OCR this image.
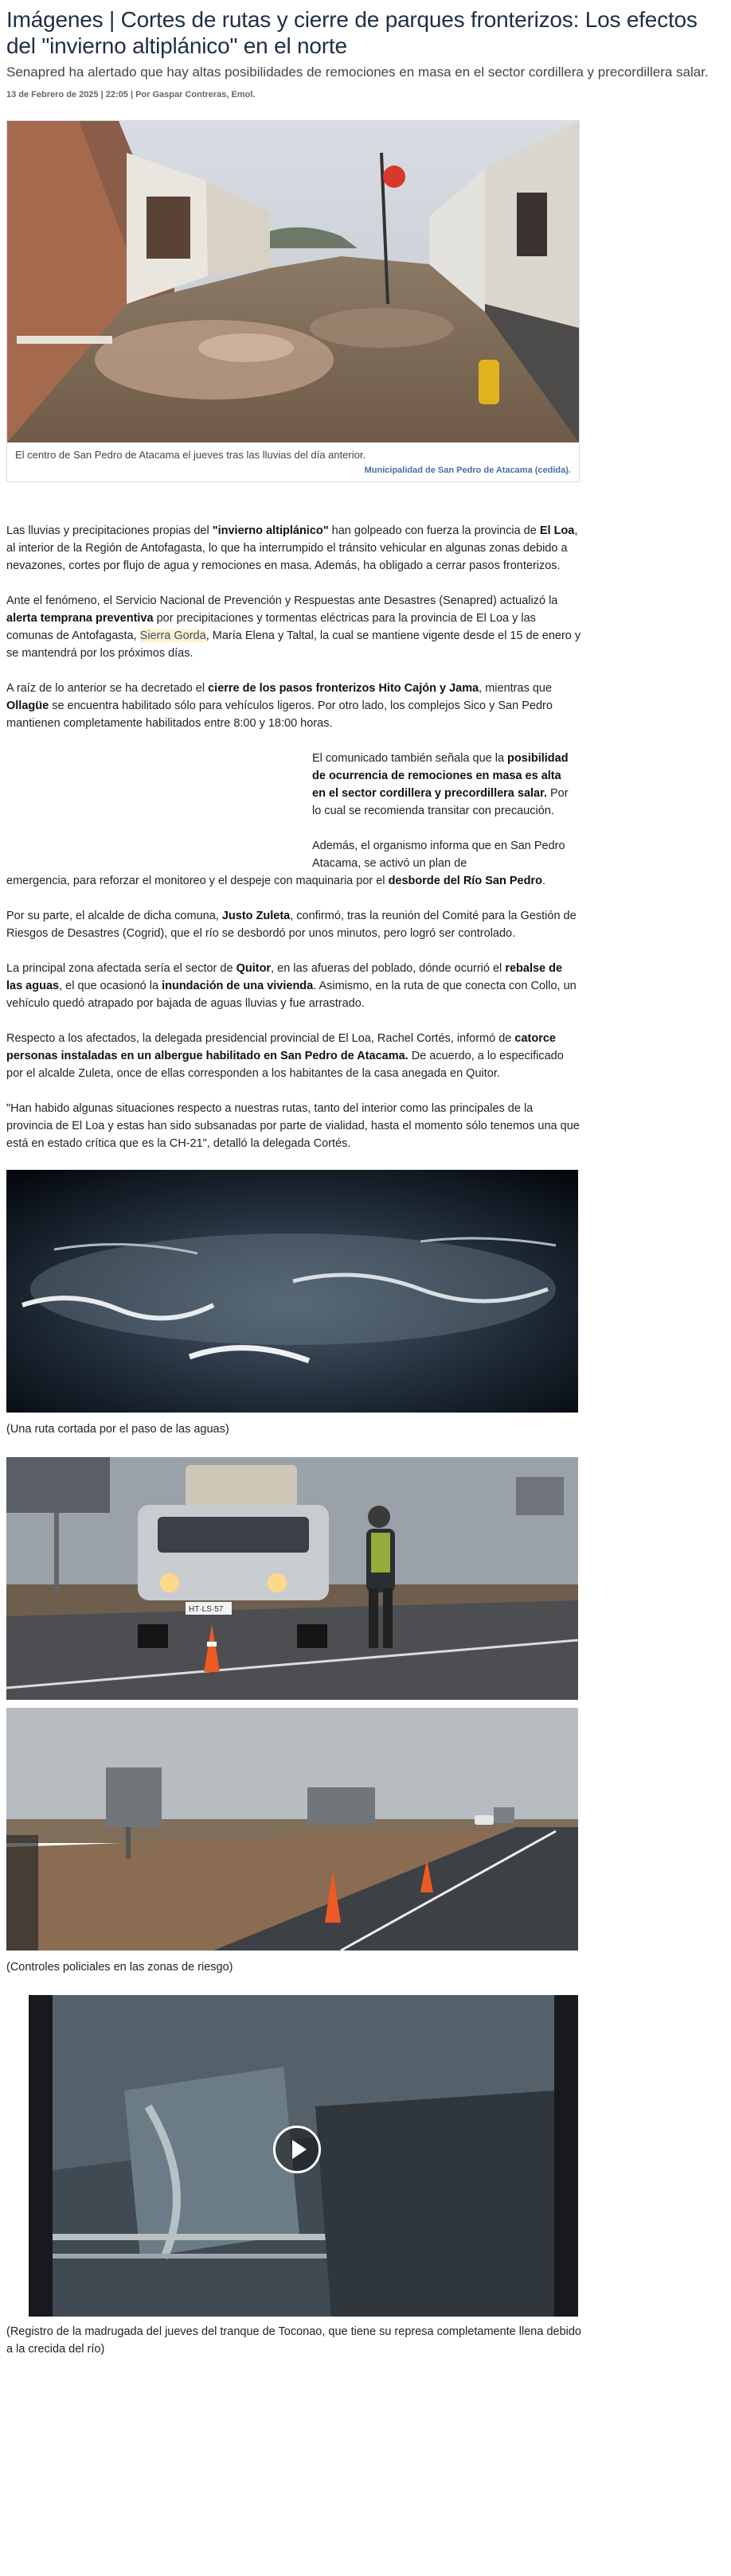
Imágenes | Cortes de rutas y cierre de parques fronterizos: Los efectos del "invierno altiplánico" en el norte

Senapred ha alertado que hay altas posibilidades de remociones en masa en el sector cordillera y precordillera salar.

13 de Febrero de 2025 | 22:05 | Por Gaspar Contreras, Emol.

El centro de San Pedro de Atacama el jueves tras las lluvias del día anterior.
Municipalidad de San Pedro de Atacama (cedida).

Las lluvias y precipitaciones propias del "invierno altiplánico" han golpeado con fuerza la provincia de El Loa, al interior de la Región de Antofagasta, lo que ha interrumpido el tránsito vehicular en algunas zonas debido a nevazones, cortes por flujo de agua y remociones en masa. Además, ha obligado a cerrar pasos fronterizos.

Ante el fenómeno, el Servicio Nacional de Prevención y Respuestas ante Desastres (Senapred) actualizó la alerta temprana preventiva por precipitaciones y tormentas eléctricas para la provincia de El Loa y las comunas de Antofagasta, Sierra Gorda, María Elena y Taltal, la cual se mantiene vigente desde el 15 de enero y se mantendrá por los próximos días.

A raíz de lo anterior se ha decretado el cierre de los pasos fronterizos Hito Cajón y Jama, mientras que Ollagüe se encuentra habilitado sólo para vehículos ligeros. Por otro lado, los complejos Sico y San Pedro mantienen completamente habilitados entre 8:00 y 18:00 horas.

El comunicado también señala que la posibilidad de ocurrencia de remociones en masa es alta en el sector cordillera y precordillera salar. Por lo cual se recomienda transitar con precaución.

Además, el organismo informa que en San Pedro Atacama, se activó un plan de

emergencia, para reforzar el monitoreo y el despeje con maquinaria por el desborde del Río San Pedro.

Por su parte, el alcalde de dicha comuna, Justo Zuleta, confirmó, tras la reunión del Comité para la Gestión de Riesgos de Desastres (Cogrid), que el río se desbordó por unos minutos, pero logró ser controlado.

La principal zona afectada sería el sector de Quitor, en las afueras del poblado, dónde ocurrió el rebalse de las aguas, el que ocasionó la inundación de una vivienda. Asimismo, en la ruta de que conecta con Collo, un vehículo quedó atrapado por bajada de aguas lluvias y fue arrastrado.

Respecto a los afectados, la delegada presidencial provincial de El Loa, Rachel Cortés, informó de catorce personas instaladas en un albergue habilitado en San Pedro de Atacama. De acuerdo, a lo especificado por el alcalde Zuleta, once de ellas corresponden a los habitantes de la casa anegada en Quitor.

"Han habido algunas situaciones respecto a nuestras rutas, tanto del interior como las principales de la provincia de El Loa y estas han sido subsanadas por parte de vialidad, hasta el momento sólo tenemos una que está en estado crítica que es la CH-21", detalló la delegada Cortés.

(Una ruta cortada por el paso de las aguas)
HT·LS·57
(Controles policiales en las zonas de riesgo)
(Registro de la madrugada del jueves del tranque de Toconao, que tiene su represa completamente llena debido a la crecida del río)
